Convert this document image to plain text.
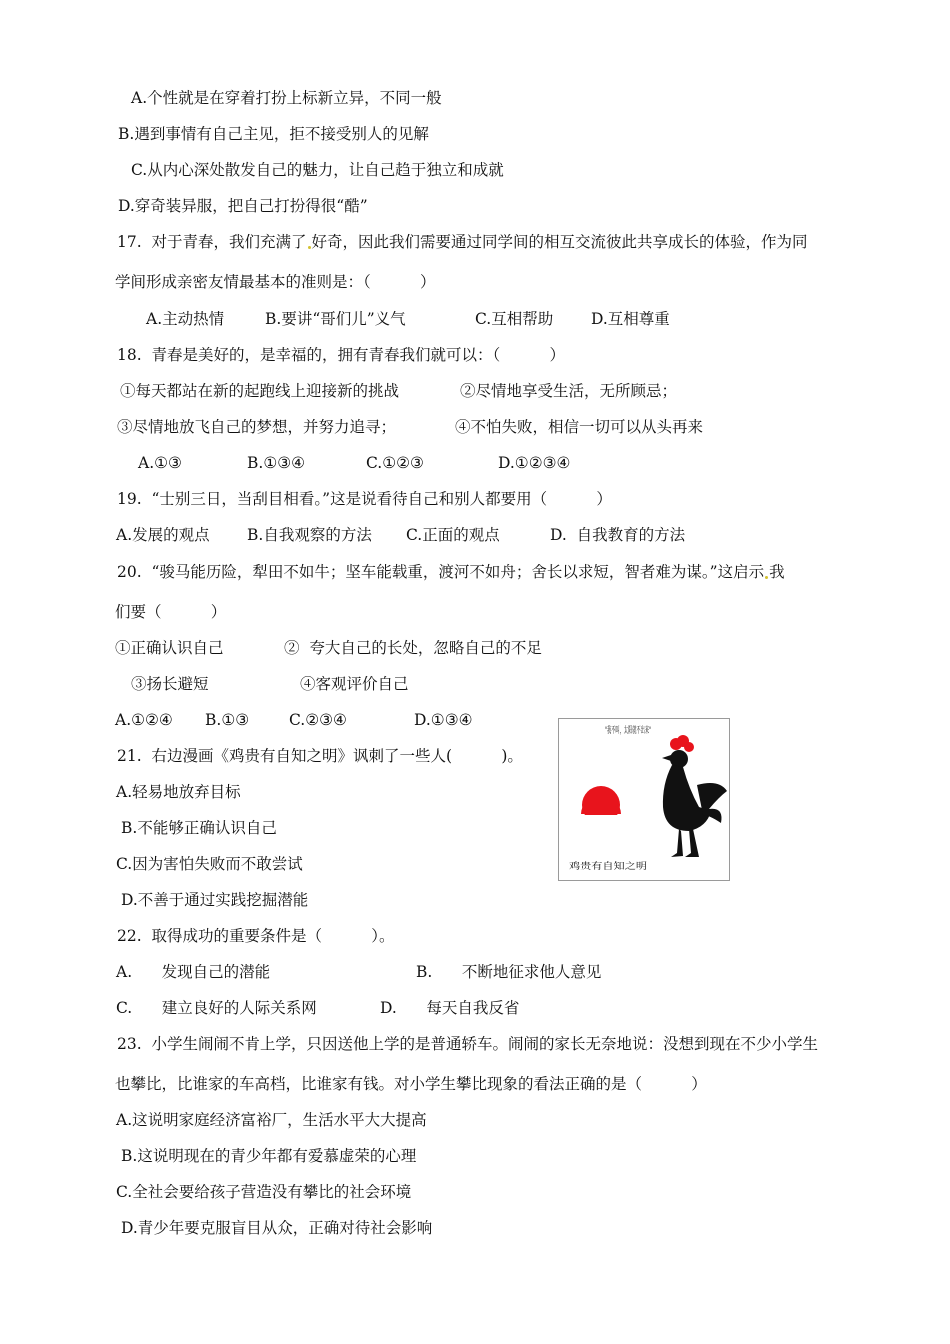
A.个性就是在穿着打扮上标新立异，不同一般
B.遇到事情有自己主见，拒不接受别人的见解
C.从内心深处散发自己的魅力，让自己趋于独立和成就
D.穿奇装异服，把自己打扮得很“酷”
17.  对于青春，我们充满了 好奇，因此我们需要通过同学间的相互交流彼此共享成长的体验，作为同
学间形成亲密友情最基本的准则是：（          ）
A.主动热情	B.要讲“哥们儿”义气	C.互相帮助 D.互相尊重
18.  青春是美好的，是幸福的，拥有青春我们就可以：（          ）
①每天都站在新的起跑线上迎接新的挑战	②尽情地享受生活，无所顾忌；
③尽情地放飞自己的梦想，并努力追寻；	④不怕失败，相信一切可以从头再来
A.①③	B.①③④	C.①②③	D.①②③④
19.  “士别三日，当刮目相看。”这是说看待自己和别人都要用（          ）
A.发展的观点 B.自我观察的方法 C.正面的观点	D.  自我教育的方法
20.  “骏马能历险，犁田不如牛；坚车能载重，渡河不如舟；舍长以求短，智者难为谋。”这启示 我
们要（          ）
①正确认识自己	②  夸大自己的长处，忽略自己的不足
③扬长避短	④客观评价自己
A.①②④ B.①③	C.②③④	D.①③④
21.  右边漫画《鸡贵有自知之明》讽刺了一些人(          )。
A.轻易地放弃目标
B.不能够正确认识自己
C.因为害怕失败而不敢尝试
D.不善于通过实践挖掘潜能
"我不叫，太阳就不出来"
鸡贵有自知之明
22.  取得成功的重要条件是（          ）。
A.      发现自己的潜能	B.      不断地征求他人意见
C.      建立良好的人际关系网	D.      每天自我反省
23.  小学生闹闹不肯上学，只因送他上学的是普通轿车。闹闹的家长无奈地说：没想到现在不少小学生
也攀比，比谁家的车高档，比谁家有钱。对小学生攀比现象的看法正确的是（          ）
A.这说明家庭经济富裕厂，生活水平大大提高
B.这说明现在的青少年都有爱慕虚荣的心理
C.全社会要给孩子营造没有攀比的社会环境
D.青少年要克服盲目从众，正确对待社会影响
